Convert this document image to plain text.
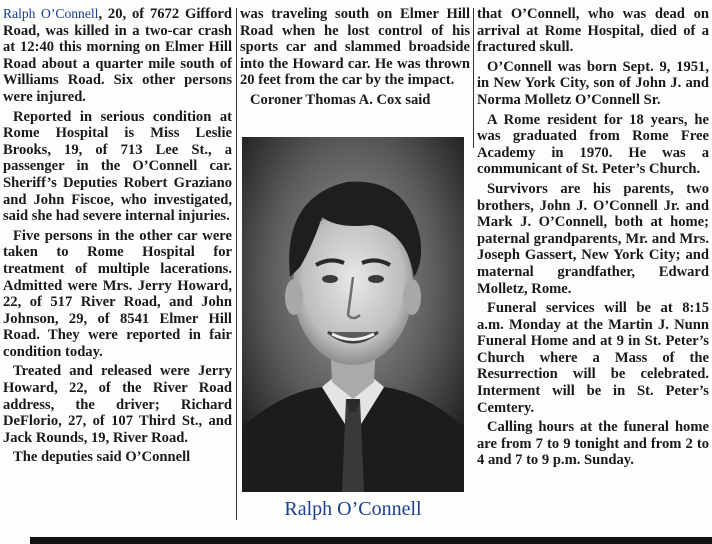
Ralph O’Connell, 20, of 7672 Gifford Road, was killed in a two-car crash at 12:40 this morning on Elmer Hill Road about a quarter mile south of Williams Road. Six other persons were injured.

Reported in serious condition at Rome Hospital is Miss Leslie Brooks, 19, of 713 Lee St., a passenger in the O’Connell car. Sheriff’s Deputies Robert Graziano and John Fiscoe, who investigated, said she had severe internal injuries.

Five persons in the other car were taken to Rome Hospital for treatment of multiple lacerations. Admitted were Mrs. Jerry Howard, 22, of 517 River Road, and John Johnson, 29, of 8541 Elmer Hill Road. They were reported in fair condition today.

Treated and released were Jerry Howard, 22, of the River Road address, the driver; Richard DeFlorio, 27, of 107 Third St., and Jack Rounds, 19, River Road.

The deputies said O’Connell

was traveling south on Elmer Hill Road when he lost control of his sports car and slammed broadside into the Howard car. He was thrown 20 feet from the car by the impact.

Coroner Thomas A. Cox said

Ralph O’Connell

that O’Connell, who was dead on arrival at Rome Hospital, died of a fractured skull.

O’Connell was born Sept. 9, 1951, in New York City, son of John J. and Norma Molletz O’Connell Sr.

A Rome resident for 18 years, he was graduated from Rome Free Academy in 1970. He was a communicant of St. Peter’s Church.

Survivors are his parents, two brothers, John J. O’Connell Jr. and Mark J. O’Connell, both at home; paternal grandparents, Mr. and Mrs. Joseph Gassert, New York City; and maternal grandfather, Edward Molletz, Rome.

Funeral services will be at 8:15 a.m. Monday at the Martin J. Nunn Funeral Home and at 9 in St. Peter’s Church where a Mass of the Resurrection will be celebrated. Interment will be in St. Peter’s Cemtery.

Calling hours at the funeral home are from 7 to 9 tonight and from 2 to 4 and 7 to 9 p.m. Sunday.
